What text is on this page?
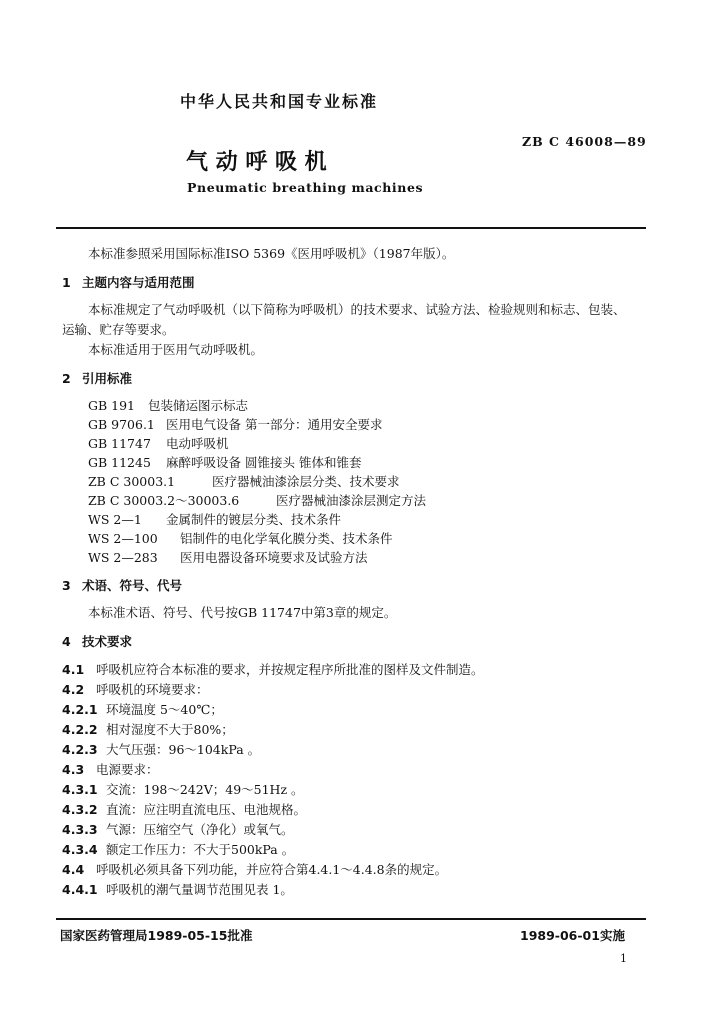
中华人民共和国专业标准
ZB C 46008—89
气 动 呼 吸 机
Pneumatic breathing machines
本标准参照采用国际标准ISO 5369《医用呼吸机》（1987年版）。
1 主题内容与适用范围
本标准规定了气动呼吸机（以下简称为呼吸机）的技术要求、试验方法、检验规则和标志、包装、
运输、贮存等要求。
本标准适用于医用气动呼吸机。
2 引用标准
GB 191 包装储运图示标志
GB 9706.1 医用电气设备 第一部分：通用安全要求
GB 11747 电动呼吸机
GB 11245 麻醉呼吸设备 圆锥接头 锥体和锥套
ZB C 30003.1	医疗器械油漆涂层分类、技术要求
ZB C 30003.2～30003.6	医疗器械油漆涂层测定方法
WS 2—1 金属制件的镀层分类、技术条件
WS 2—100 铝制件的电化学氧化膜分类、技术条件
WS 2—283 医用电器设备环境要求及试验方法
3 术语、符号、代号
本标准术语、符号、代号按GB 11747中第3章的规定。
4 技术要求
4.1 呼吸机应符合本标准的要求，并按规定程序所批准的图样及文件制造。
4.2 呼吸机的环境要求：
4.2.1 环境温度 5～40℃；
4.2.2 相对湿度不大于80%；
4.2.3 大气压强：96～104kPa 。
4.3 电源要求：
4.3.1 交流：198～242V；49～51Hz 。
4.3.2 直流：应注明直流电压、电池规格。
4.3.3 气源：压缩空气（净化）或氧气。
4.3.4 额定工作压力：不大于500kPa 。
4.4 呼吸机必须具备下列功能，并应符合第4.4.1～4.4.8条的规定。
4.4.1 呼吸机的潮气量调节范围见表 1。
国家医药管理局1989-05-15批准	1989-06-01实施
1
